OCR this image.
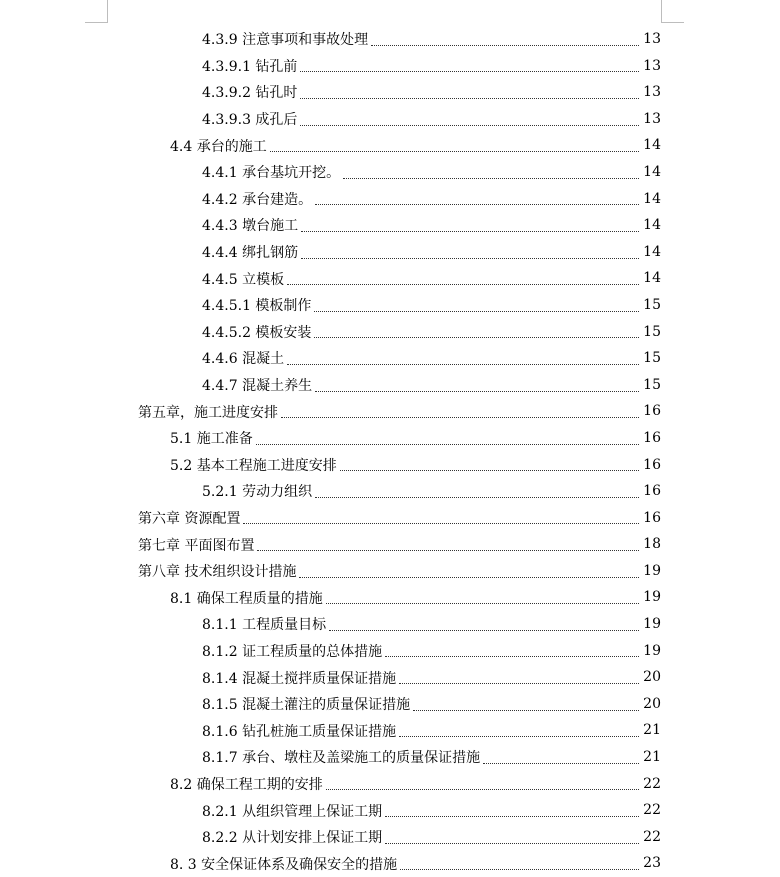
4.3.9 注意事项和事故处理	13
4.3.9.1 钻孔前	13
4.3.9.2 钻孔时	13
4.3.9.3 成孔后	13
4.4 承台的施工	14
4.4.1 承台基坑开挖。	14
4.4.2 承台建造。	14
4.4.3 墩台施工	14
4.4.4 绑扎钢筋	14
4.4.5 立模板	14
4.4.5.1 模板制作	15
4.4.5.2 模板安装	15
4.4.6 混凝土	15
4.4.7 混凝土养生	15
第五章，施工进度安排	16
5.1 施工准备	16
5.2 基本工程施工进度安排	16
5.2.1 劳动力组织	16
第六章 资源配置	16
第七章 平面图布置	18
第八章 技术组织设计措施	19
8.1 确保工程质量的措施	19
8.1.1 工程质量目标	19
8.1.2 证工程质量的总体措施	19
8.1.4 混凝土搅拌质量保证措施	20
8.1.5 混凝土灌注的质量保证措施	20
8.1.6 钻孔桩施工质量保证措施	21
8.1.7 承台、墩柱及盖梁施工的质量保证措施	21
8.2 确保工程工期的安排	22
8.2.1 从组织管理上保证工期	22
8.2.2 从计划安排上保证工期	22
8. 3 安全保证体系及确保安全的措施	23
